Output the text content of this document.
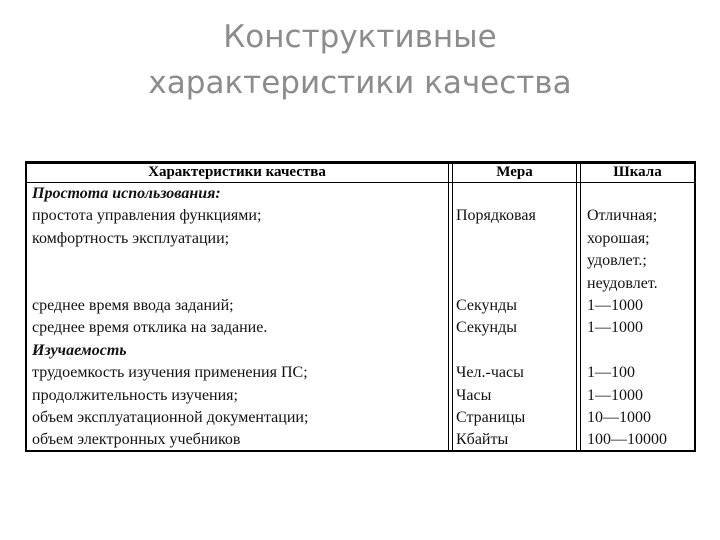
Конструктивные
характеристики качества
Характеристики качества	Мера	Шкала
Простота использования:
простота управления функциями;
комфортность эксплуатации;
среднее время ввода заданий;
среднее время отклика на задание.
Изучаемость
трудоемкость изучения применения ПС;
продолжительность изучения;
объем эксплуатационной документации;
объем электронных учебников
Порядковая
Секунды
Секунды
Чел.-часы
Часы
Страницы
Кбайты
Отличная;
хорошая;
удовлет.;
неудовлет.
1—1000
1—1000
1—100
1—1000
10—1000
100—10000
